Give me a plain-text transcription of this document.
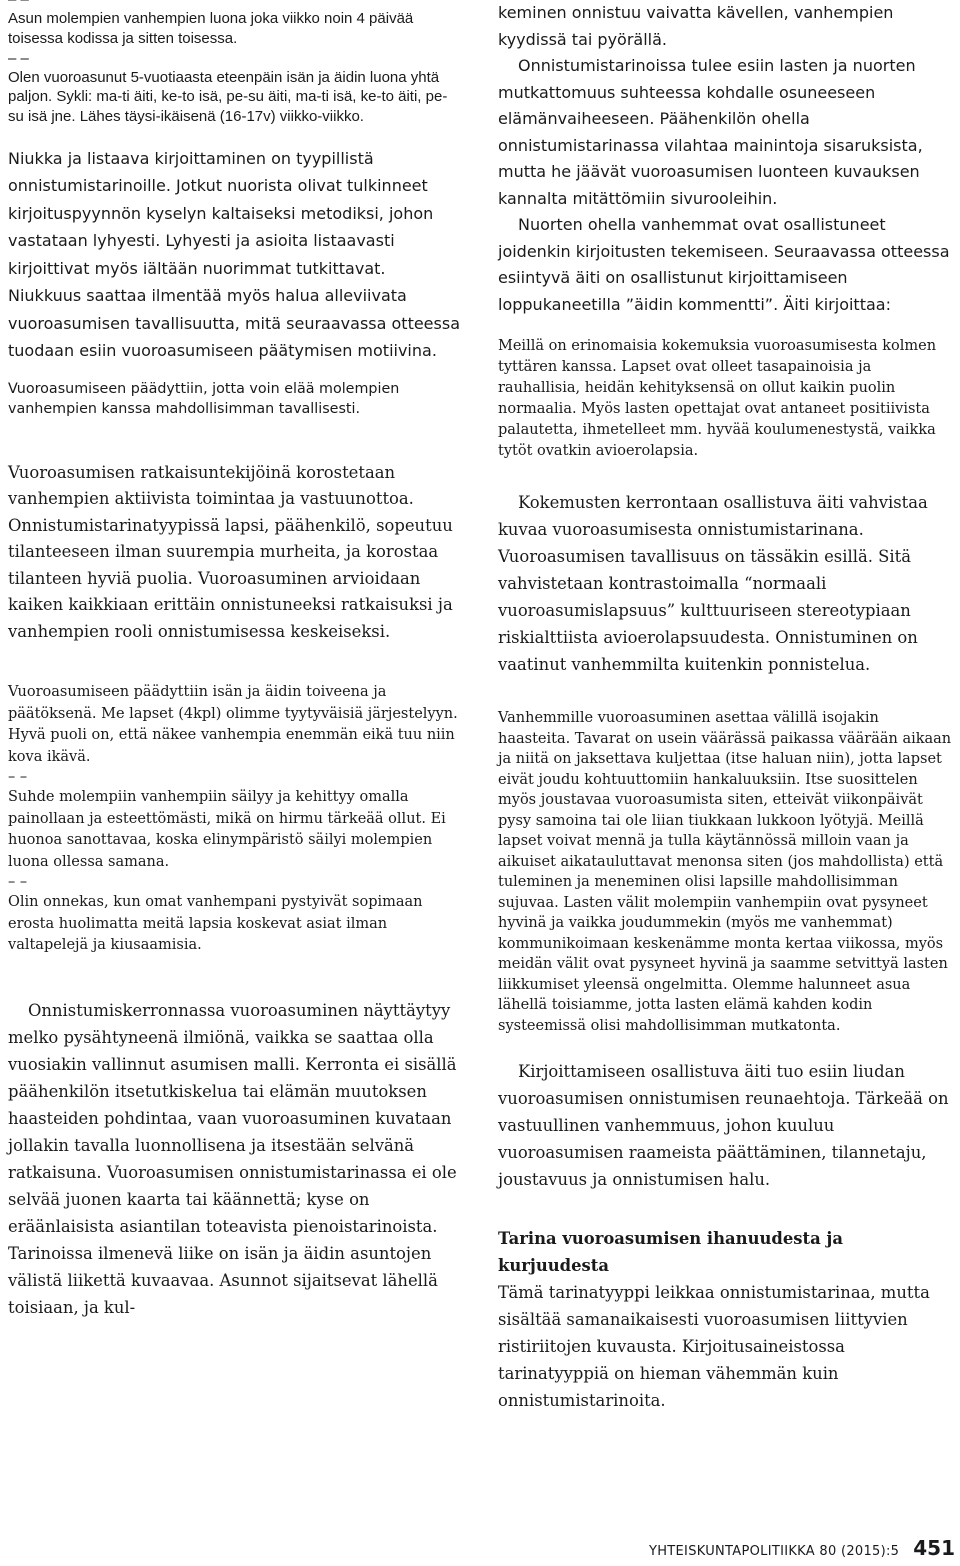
Asun molempien vanhempien luona joka viikko noin 4 päivää toisessa kodissa ja sitten toisessa.

– –

Olen vuoroasunut 5-vuotiaasta eteenpäin isän ja äidin luona yhtä paljon. Sykli: ma-ti äiti, ke-to isä, pe-su äiti, ma-ti isä, ke-to äiti, pe-su isä jne. Lähes täysi-ikäisenä (16-17v) viikko-viikko.

Niukka ja listaava kirjoittaminen on tyypillistä onnistumistarinoille. Jotkut nuorista olivat tulkinneet kirjoituspyynnön kyselyn kaltaiseksi metodiksi, johon vastataan lyhyesti. Lyhyesti ja asioita listaavasti kirjoittivat myös iältään nuorimmat tutkittavat. Niukkuus saattaa ilmentää myös halua alleviivata vuoroasumisen tavallisuutta, mitä seuraavassa otteessa tuodaan esiin vuoroasumiseen päätymisen motiivina.

Vuoroasumiseen päädyttiin, jotta voin elää molempien vanhempien kanssa mahdollisimman tavallisesti.

Vuoroasumisen ratkaisuntekijöinä korostetaan vanhempien aktiivista toimintaa ja vastuunottoa. Onnistumistarinatyypissä lapsi, päähenkilö, sopeutuu tilanteeseen ilman suurempia murheita, ja korostaa tilanteen hyviä puolia. Vuoroasuminen arvioidaan kaiken kaikkiaan erittäin onnistuneeksi ratkaisuksi ja vanhempien rooli onnistumisessa keskeiseksi.

Vuoroasumiseen päädyttiin isän ja äidin toiveena ja päätöksenä. Me lapset (4kpl) olimme tyytyväisiä järjestelyyn. Hyvä puoli on, että näkee vanhempia enemmän eikä tuu niin kova ikävä.

– –

Suhde molempiin vanhempiin säilyy ja kehittyy omalla painollaan ja esteettömästi, mikä on hirmu tärkeää ollut. Ei huonoa sanottavaa, koska elinympäristö säilyi molempien luona ollessa samana.

– –

Olin onnekas, kun omat vanhempani pystyivät sopimaan erosta huolimatta meitä lapsia koskevat asiat ilman valtapelejä ja kiusaamisia.

Onnistumiskerronnassa vuoroasuminen näyttäytyy melko pysähtyneenä ilmiönä, vaikka se saattaa olla vuosiakin vallinnut asumisen malli. Kerronta ei sisällä päähenkilön itsetutkiskelua tai elämän muutoksen haasteiden pohdintaa, vaan vuoroasuminen kuvataan jollakin tavalla luonnollisena ja itsestään selvänä ratkaisuna. Vuoroasumisen onnistumistarinassa ei ole selvää juonen kaarta tai käännettä; kyse on eräänlaisista asiantilan toteavista pienoistarinoista. Tarinoissa ilmenevä liike on isän ja äidin asuntojen välistä liikettä kuvaavaa. Asunnot sijaitsevat lähellä toisiaan, ja kul-

keminen onnistuu vaivatta kävellen, vanhempien kyydissä tai pyörällä.

Onnistumistarinoissa tulee esiin lasten ja nuorten mutkattomuus suhteessa kohdalle osuneeseen elämänvaiheeseen. Päähenkilön ohella onnistumistarinassa vilahtaa mainintoja sisaruksista, mutta he jäävät vuoroasumisen luonteen kuvauksen kannalta mitättömiin sivurooleihin.

Nuorten ohella vanhemmat ovat osallistuneet joidenkin kirjoitusten tekemiseen. Seuraavassa otteessa esiintyvä äiti on osallistunut kirjoittamiseen loppukaneetilla ”äidin kommentti”. Äiti kirjoittaa:

Meillä on erinomaisia kokemuksia vuoroasumisesta kolmen tyttären kanssa. Lapset ovat olleet tasapainoisia ja rauhallisia, heidän kehityksensä on ollut kaikin puolin normaalia. Myös lasten opettajat ovat antaneet positiivista palautetta, ihmetelleet mm. hyvää koulumenestystä, vaikka tytöt ovatkin avioerolapsia.

Kokemusten kerrontaan osallistuva äiti vahvistaa kuvaa vuoroasumisesta onnistumistarinana. Vuoroasumisen tavallisuus on tässäkin esillä. Sitä vahvistetaan kontrastoimalla “normaali vuoroasumislapsuus” kulttuuriseen stereotypiaan riskialttiista avioerolapsuudesta. Onnistuminen on vaatinut vanhemmilta kuitenkin ponnistelua.

Vanhemmille vuoroasuminen asettaa välillä isojakin haasteita. Tavarat on usein väärässä paikassa väärään aikaan ja niitä on jaksettava kuljettaa (itse haluan niin), jotta lapset eivät joudu kohtuuttomiin hankaluuksiin. Itse suosittelen myös joustavaa vuoroasumista siten, etteivät viikonpäivät pysy samoina tai ole liian tiukkaan lukkoon lyötyjä. Meillä lapset voivat mennä ja tulla käytännössä milloin vaan ja aikuiset aikatauluttavat menonsa siten (jos mahdollista) että tuleminen ja meneminen olisi lapsille mahdollisimman sujuvaa. Lasten välit molempiin vanhempiin ovat pysyneet hyvinä ja vaikka joudummekin (myös me vanhemmat) kommunikoimaan keskenämme monta kertaa viikossa, myös meidän välit ovat pysyneet hyvinä ja saamme setvittyä lasten liikkumiset yleensä ongelmitta. Olemme halunneet asua lähellä toisiamme, jotta lasten elämä kahden kodin systeemissä olisi mahdollisimman mutkatonta.

Kirjoittamiseen osallistuva äiti tuo esiin liudan vuoroasumisen onnistumisen reunaehtoja. Tärkeää on vastuullinen vanhemmuus, johon kuuluu vuoroasumisen raameista päättäminen, tilannetaju, joustavuus ja onnistumisen halu.

Tarina vuoroasumisen ihanuudesta ja kurjuudesta

Tämä tarinatyyppi leikkaa onnistumistarinaa, mutta sisältää samanaikaisesti vuoroasumisen liittyvien ristiriitojen kuvausta. Kirjoitusaineistossa tarinatyyppiä on hieman vähemmän kuin onnistumistarinoita.

YHTEISKUNTAPOLITIIKKA 80 (2015):5 451
